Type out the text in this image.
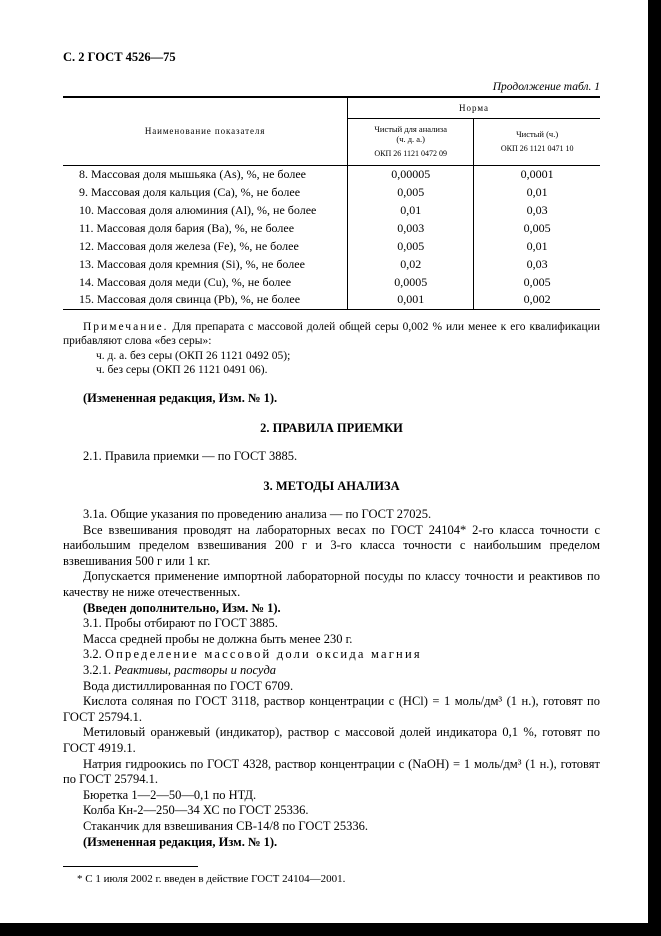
С. 2 ГОСТ 4526—75
Продолжение табл. 1
Наименование показателя	Норма	

Чистый для анализа
(ч. д. а.)
ОКП 26 1121 0472 09

Чистый (ч.)
ОКП 26 1121 0471 10

8. Массовая доля мышьяка (As), %, не более	0,00005	0,0001
9. Массовая доля кальция (Са), %, не более	0,005	0,01
10. Массовая доля алюминия (Аl), %, не более	0,01	0,03
11. Массовая доля бария (Ва), %, не более	0,003	0,005
12. Массовая доля железа (Fе), %, не более	0,005	0,01
13. Массовая доля кремния (Si), %, не более	0,02	0,03
14. Массовая доля меди (Сu), %, не более	0,0005	0,005
15. Массовая доля свинца (Рb), %, не более	0,001	0,002
Примечание. Для препарата с массовой долей общей серы 0,002 % или менее к его квалификации прибавляют слова «без серы»:
ч. д. а. без серы (ОКП 26 1121 0492 05);
ч. без серы (ОКП 26 1121 0491 06).

(Измененная редакция, Изм. № 1).

2. ПРАВИЛА ПРИЕМКИ

2.1. Правила приемки — по ГОСТ 3885.

3. МЕТОДЫ АНАЛИЗА

3.1а. Общие указания по проведению анализа — по ГОСТ 27025.

Все взвешивания проводят на лабораторных весах по ГОСТ 24104* 2-го класса точности с наибольшим пределом взвешивания 200 г и 3-го класса точности с наибольшим пределом взвешивания 500 г или 1 кг.

Допускается применение импортной лабораторной посуды по классу точности и реактивов по качеству не ниже отечественных.

(Введен дополнительно, Изм. № 1).

3.1. Пробы отбирают по ГОСТ 3885.

Масса средней пробы не должна быть менее 230 г.

3.2. Определение массовой доли оксида магния

3.2.1. Реактивы, растворы и посуда

Вода дистиллированная по ГОСТ 6709.

Кислота соляная по ГОСТ 3118, раствор концентрации с (HCl) = 1 моль/дм³ (1 н.), готовят по ГОСТ 25794.1.

Метиловый оранжевый (индикатор), раствор с массовой долей индикатора 0,1 %, готовят по ГОСТ 4919.1.

Натрия гидроокись по ГОСТ 4328, раствор концентрации с (NaOH) = 1 моль/дм³ (1 н.), готовят по ГОСТ 25794.1.

Бюретка 1—2—50—0,1 по НТД.

Колба Кн-2—250—34 ХС по ГОСТ 25336.

Стаканчик для взвешивания СВ-14/8 по ГОСТ 25336.

(Измененная редакция, Изм. № 1).

* С 1 июля 2002 г. введен в действие ГОСТ 24104—2001.
